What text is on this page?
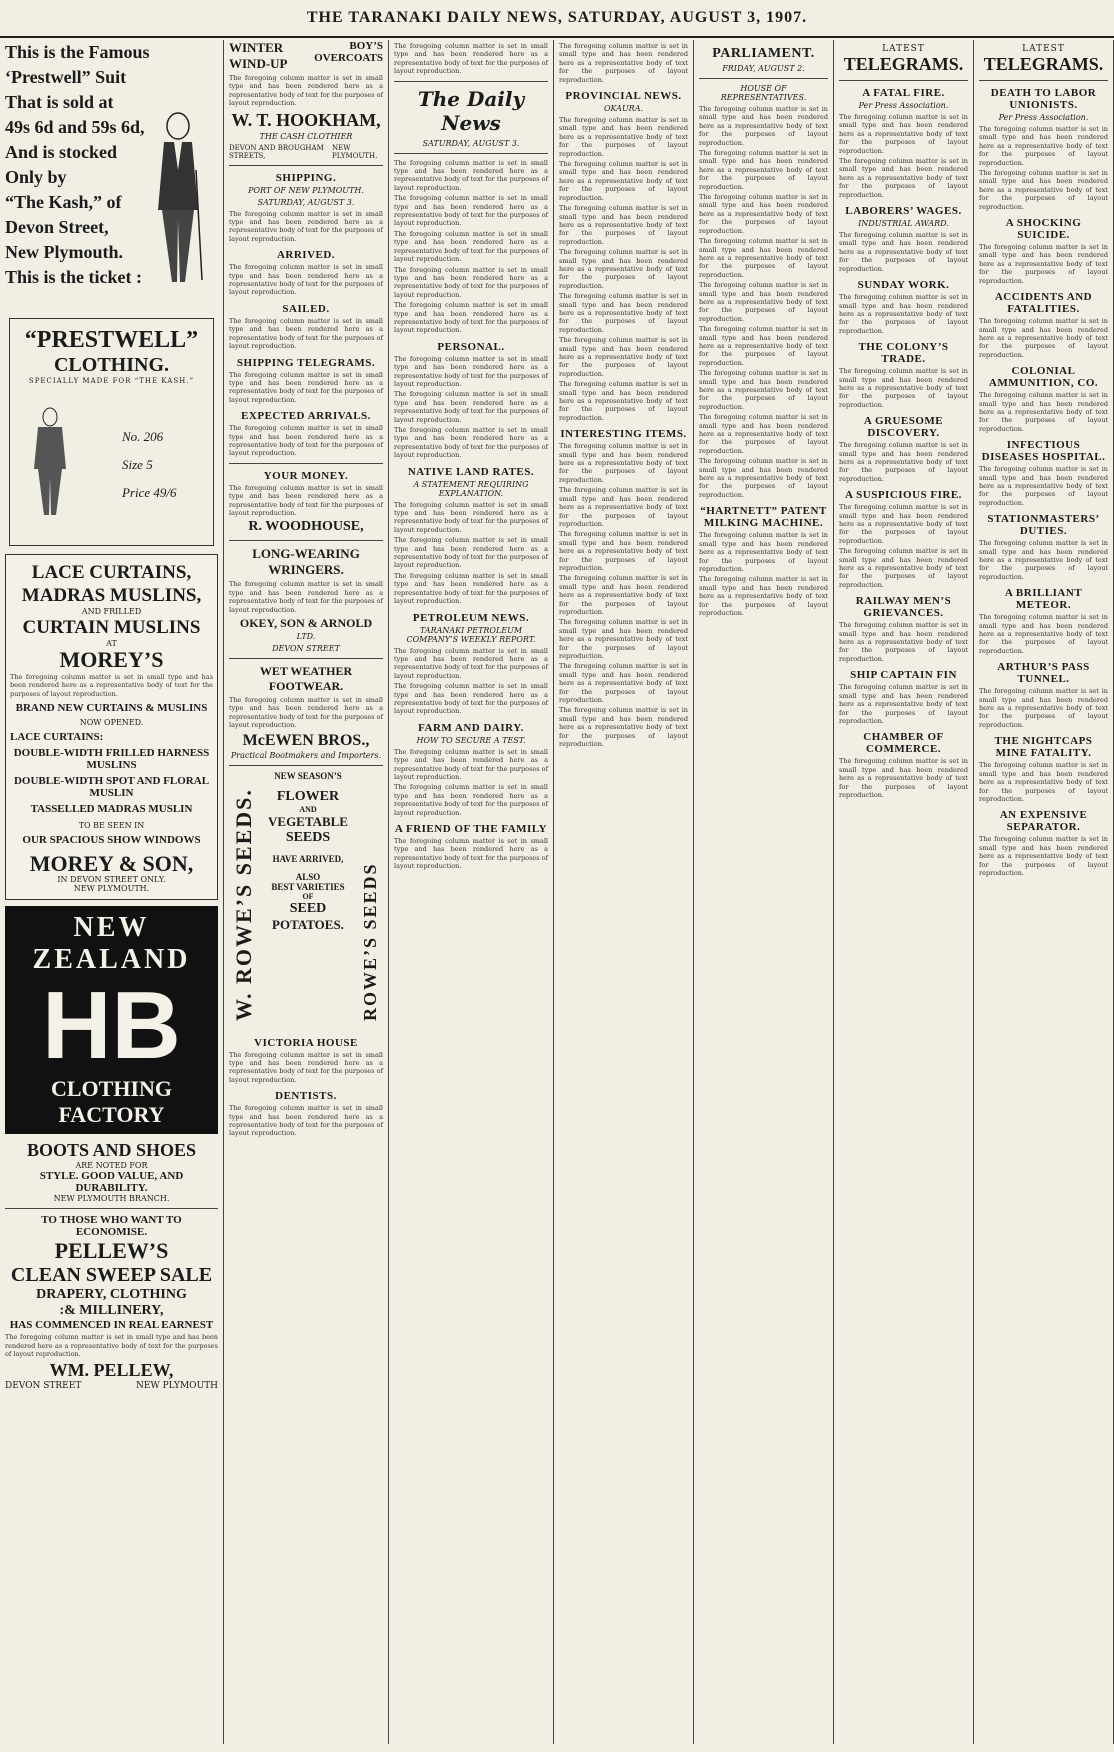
THE TARANAKI DAILY NEWS, SATURDAY, AUGUST 3, 1907.
This is the Famous
‘Prestwell” Suit
That is sold at
49s 6d and 59s 6d,
And is stocked
Only by
“The Kash,” of
Devon Street,
New Plymouth.
This is the ticket :
“PRESTWELL”
CLOTHING.
SPECIALLY MADE FOR “THE KASH.”
No. 206
Size 5
Price 49/6
LACE CURTAINS,
MADRAS MUSLINS,
AND FRILLED
CURTAIN MUSLINS
AT
MOREY’S
The foregoing column matter is set in small type and has been rendered here as a representative body of text for the purposes of layout reproduction.
BRAND NEW CURTAINS & MUSLINS
NOW OPENED.
LACE CURTAINS:
DOUBLE-WIDTH FRILLED HARNESS MUSLINS
DOUBLE-WIDTH SPOT AND FLORAL MUSLIN
TASSELLED MADRAS MUSLIN
TO BE SEEN IN
OUR SPACIOUS SHOW WINDOWS
MOREY & SON,
IN DEVON STREET ONLY.
NEW PLYMOUTH.
NEW ZEALAND
HB
CLOTHING FACTORY
BOOTS AND SHOES
ARE NOTED FOR
STYLE. GOOD VALUE, AND DURABILITY.
NEW PLYMOUTH BRANCH.
TO THOSE WHO WANT TO ECONOMISE.
PELLEW’S
CLEAN SWEEP SALE
DRAPERY, CLOTHING
:& MILLINERY,
HAS COMMENCED IN REAL EARNEST
The foregoing column matter is set in small type and has been rendered here as a representative body of text for the purposes of layout reproduction.
WM. PELLEW,
DEVON STREET	NEW PLYMOUTH
WINTER WIND-UP
BOY’S OVERCOATS
The foregoing column matter is set in small type and has been rendered here as a representative body of text for the purposes of layout reproduction.
W. T. HOOKHAM,
THE CASH CLOTHIER
DEVON AND BROUGHAM STREETS,
NEW PLYMOUTH.
SHIPPING.
PORT OF NEW PLYMOUTH.
SATURDAY, AUGUST 3.
The foregoing column matter is set in small type and has been rendered here as a representative body of text for the purposes of layout reproduction.
ARRIVED.
The foregoing column matter is set in small type and has been rendered here as a representative body of text for the purposes of layout reproduction.
SAILED.
The foregoing column matter is set in small type and has been rendered here as a representative body of text for the purposes of layout reproduction.
SHIPPING TELEGRAMS.
The foregoing column matter is set in small type and has been rendered here as a representative body of text for the purposes of layout reproduction.
EXPECTED ARRIVALS.
The foregoing column matter is set in small type and has been rendered here as a representative body of text for the purposes of layout reproduction.
YOUR MONEY.
The foregoing column matter is set in small type and has been rendered here as a representative body of text for the purposes of layout reproduction.
R. WOODHOUSE,
LONG-WEARING
WRINGERS.
The foregoing column matter is set in small type and has been rendered here as a representative body of text for the purposes of layout reproduction.
OKEY, SON & ARNOLD
LTD.
DEVON STREET
WET WEATHER
FOOTWEAR.
The foregoing column matter is set in small type and has been rendered here as a representative body of text for the purposes of layout reproduction.
McEWEN BROS.,
Practical Bootmakers and Importers.
W. ROWE’S SEEDS.	ROWE’S SEEDS
NEW SEASON’S
FLOWER
AND
VEGETABLE
SEEDS
HAVE ARRIVED,
ALSO
BEST VARIETIES
OF
SEED
POTATOES.
VICTORIA HOUSE
The foregoing column matter is set in small type and has been rendered here as a representative body of text for the purposes of layout reproduction.
DENTISTS.
The foregoing column matter is set in small type and has been rendered here as a representative body of text for the purposes of layout reproduction.
The foregoing column matter is set in small type and has been rendered here as a representative body of text for the purposes of layout reproduction.
The Daily News
SATURDAY, AUGUST 3.
The foregoing column matter is set in small type and has been rendered here as a representative body of text for the purposes of layout reproduction.
The foregoing column matter is set in small type and has been rendered here as a representative body of text for the purposes of layout reproduction.
The foregoing column matter is set in small type and has been rendered here as a representative body of text for the purposes of layout reproduction.
The foregoing column matter is set in small type and has been rendered here as a representative body of text for the purposes of layout reproduction.
The foregoing column matter is set in small type and has been rendered here as a representative body of text for the purposes of layout reproduction.
PERSONAL.
The foregoing column matter is set in small type and has been rendered here as a representative body of text for the purposes of layout reproduction.
The foregoing column matter is set in small type and has been rendered here as a representative body of text for the purposes of layout reproduction.
The foregoing column matter is set in small type and has been rendered here as a representative body of text for the purposes of layout reproduction.
NATIVE LAND RATES.
A STATEMENT REQUIRING EXPLANATION.
The foregoing column matter is set in small type and has been rendered here as a representative body of text for the purposes of layout reproduction.
The foregoing column matter is set in small type and has been rendered here as a representative body of text for the purposes of layout reproduction.
The foregoing column matter is set in small type and has been rendered here as a representative body of text for the purposes of layout reproduction.
PETROLEUM NEWS.
TARANAKI PETROLEUM COMPANY’S WEEKLY REPORT.
The foregoing column matter is set in small type and has been rendered here as a representative body of text for the purposes of layout reproduction.
The foregoing column matter is set in small type and has been rendered here as a representative body of text for the purposes of layout reproduction.
FARM AND DAIRY.
HOW TO SECURE A TEST.
The foregoing column matter is set in small type and has been rendered here as a representative body of text for the purposes of layout reproduction.
The foregoing column matter is set in small type and has been rendered here as a representative body of text for the purposes of layout reproduction.
A FRIEND OF THE FAMILY
The foregoing column matter is set in small type and has been rendered here as a representative body of text for the purposes of layout reproduction.
The foregoing column matter is set in small type and has been rendered here as a representative body of text for the purposes of layout reproduction.
PROVINCIAL NEWS.
OKAURA.
The foregoing column matter is set in small type and has been rendered here as a representative body of text for the purposes of layout reproduction.
The foregoing column matter is set in small type and has been rendered here as a representative body of text for the purposes of layout reproduction.
The foregoing column matter is set in small type and has been rendered here as a representative body of text for the purposes of layout reproduction.
The foregoing column matter is set in small type and has been rendered here as a representative body of text for the purposes of layout reproduction.
The foregoing column matter is set in small type and has been rendered here as a representative body of text for the purposes of layout reproduction.
The foregoing column matter is set in small type and has been rendered here as a representative body of text for the purposes of layout reproduction.
The foregoing column matter is set in small type and has been rendered here as a representative body of text for the purposes of layout reproduction.
INTERESTING ITEMS.
The foregoing column matter is set in small type and has been rendered here as a representative body of text for the purposes of layout reproduction.
The foregoing column matter is set in small type and has been rendered here as a representative body of text for the purposes of layout reproduction.
The foregoing column matter is set in small type and has been rendered here as a representative body of text for the purposes of layout reproduction.
The foregoing column matter is set in small type and has been rendered here as a representative body of text for the purposes of layout reproduction.
The foregoing column matter is set in small type and has been rendered here as a representative body of text for the purposes of layout reproduction.
The foregoing column matter is set in small type and has been rendered here as a representative body of text for the purposes of layout reproduction.
The foregoing column matter is set in small type and has been rendered here as a representative body of text for the purposes of layout reproduction.
PARLIAMENT.
FRIDAY, AUGUST 2.
HOUSE OF REPRESENTATIVES.
The foregoing column matter is set in small type and has been rendered here as a representative body of text for the purposes of layout reproduction.
The foregoing column matter is set in small type and has been rendered here as a representative body of text for the purposes of layout reproduction.
The foregoing column matter is set in small type and has been rendered here as a representative body of text for the purposes of layout reproduction.
The foregoing column matter is set in small type and has been rendered here as a representative body of text for the purposes of layout reproduction.
The foregoing column matter is set in small type and has been rendered here as a representative body of text for the purposes of layout reproduction.
The foregoing column matter is set in small type and has been rendered here as a representative body of text for the purposes of layout reproduction.
The foregoing column matter is set in small type and has been rendered here as a representative body of text for the purposes of layout reproduction.
The foregoing column matter is set in small type and has been rendered here as a representative body of text for the purposes of layout reproduction.
The foregoing column matter is set in small type and has been rendered here as a representative body of text for the purposes of layout reproduction.
“HARTNETT” PATENT MILKING MACHINE.
The foregoing column matter is set in small type and has been rendered here as a representative body of text for the purposes of layout reproduction.
The foregoing column matter is set in small type and has been rendered here as a representative body of text for the purposes of layout reproduction.
LATEST
TELEGRAMS.
A FATAL FIRE.
Per Press Association.
The foregoing column matter is set in small type and has been rendered here as a representative body of text for the purposes of layout reproduction.
The foregoing column matter is set in small type and has been rendered here as a representative body of text for the purposes of layout reproduction.
LABORERS’ WAGES.
INDUSTRIAL AWARD.
The foregoing column matter is set in small type and has been rendered here as a representative body of text for the purposes of layout reproduction.
SUNDAY WORK.
The foregoing column matter is set in small type and has been rendered here as a representative body of text for the purposes of layout reproduction.
THE COLONY’S TRADE.
The foregoing column matter is set in small type and has been rendered here as a representative body of text for the purposes of layout reproduction.
A GRUESOME DISCOVERY.
The foregoing column matter is set in small type and has been rendered here as a representative body of text for the purposes of layout reproduction.
A SUSPICIOUS FIRE.
The foregoing column matter is set in small type and has been rendered here as a representative body of text for the purposes of layout reproduction.
The foregoing column matter is set in small type and has been rendered here as a representative body of text for the purposes of layout reproduction.
RAILWAY MEN’S GRIEVANCES.
The foregoing column matter is set in small type and has been rendered here as a representative body of text for the purposes of layout reproduction.
SHIP CAPTAIN FIN
The foregoing column matter is set in small type and has been rendered here as a representative body of text for the purposes of layout reproduction.
CHAMBER OF COMMERCE.
The foregoing column matter is set in small type and has been rendered here as a representative body of text for the purposes of layout reproduction.
LATEST
TELEGRAMS.
DEATH TO LABOR UNIONISTS.
Per Press Association.
The foregoing column matter is set in small type and has been rendered here as a representative body of text for the purposes of layout reproduction.
The foregoing column matter is set in small type and has been rendered here as a representative body of text for the purposes of layout reproduction.
A SHOCKING SUICIDE.
The foregoing column matter is set in small type and has been rendered here as a representative body of text for the purposes of layout reproduction.
ACCIDENTS AND FATALITIES.
The foregoing column matter is set in small type and has been rendered here as a representative body of text for the purposes of layout reproduction.
COLONIAL AMMUNITION, CO.
The foregoing column matter is set in small type and has been rendered here as a representative body of text for the purposes of layout reproduction.
INFECTIOUS DISEASES HOSPITAL.
The foregoing column matter is set in small type and has been rendered here as a representative body of text for the purposes of layout reproduction.
STATIONMASTERS’ DUTIES.
The foregoing column matter is set in small type and has been rendered here as a representative body of text for the purposes of layout reproduction.
A BRILLIANT METEOR.
The foregoing column matter is set in small type and has been rendered here as a representative body of text for the purposes of layout reproduction.
ARTHUR’S PASS TUNNEL.
The foregoing column matter is set in small type and has been rendered here as a representative body of text for the purposes of layout reproduction.
THE NIGHTCAPS MINE FATALITY.
The foregoing column matter is set in small type and has been rendered here as a representative body of text for the purposes of layout reproduction.
AN EXPENSIVE SEPARATOR.
The foregoing column matter is set in small type and has been rendered here as a representative body of text for the purposes of layout reproduction.
